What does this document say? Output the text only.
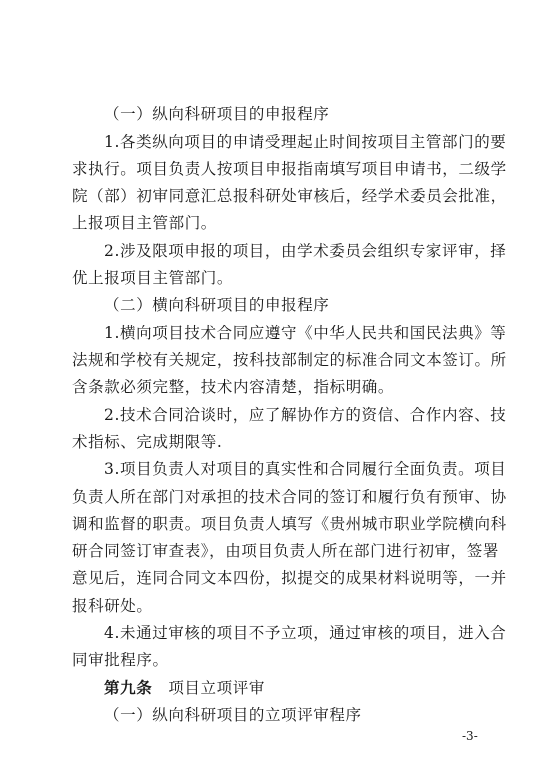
（一）纵向科研项目的申报程序
1.各类纵向项目的申请受理起止时间按项目主管部门的要
求执行。项目负责人按项目申报指南填写项目申请书，二级学
院（部）初审同意汇总报科研处审核后，经学术委员会批准，
上报项目主管部门。
2.涉及限项申报的项目，由学术委员会组织专家评审，择
优上报项目主管部门。
（二）横向科研项目的申报程序
1.横向项目技术合同应遵守《中华人民共和国民法典》等
法规和学校有关规定，按科技部制定的标准合同文本签订。所
含条款必须完整，技术内容清楚，指标明确。
2.技术合同洽谈时，应了解协作方的资信、合作内容、技
术指标、完成期限等.
3.项目负责人对项目的真实性和合同履行全面负责。项目
负责人所在部门对承担的技术合同的签订和履行负有预审、协
调和监督的职责。项目负责人填写《贵州城市职业学院横向科
研合同签订审查表》，由项目负责人所在部门进行初审，签署
意见后，连同合同文本四份，拟提交的成果材料说明等，一并
报科研处。
4.未通过审核的项目不予立项，通过审核的项目，进入合
同审批程序。
第九条 项目立项评审
（一）纵向科研项目的立项评审程序
-3-
